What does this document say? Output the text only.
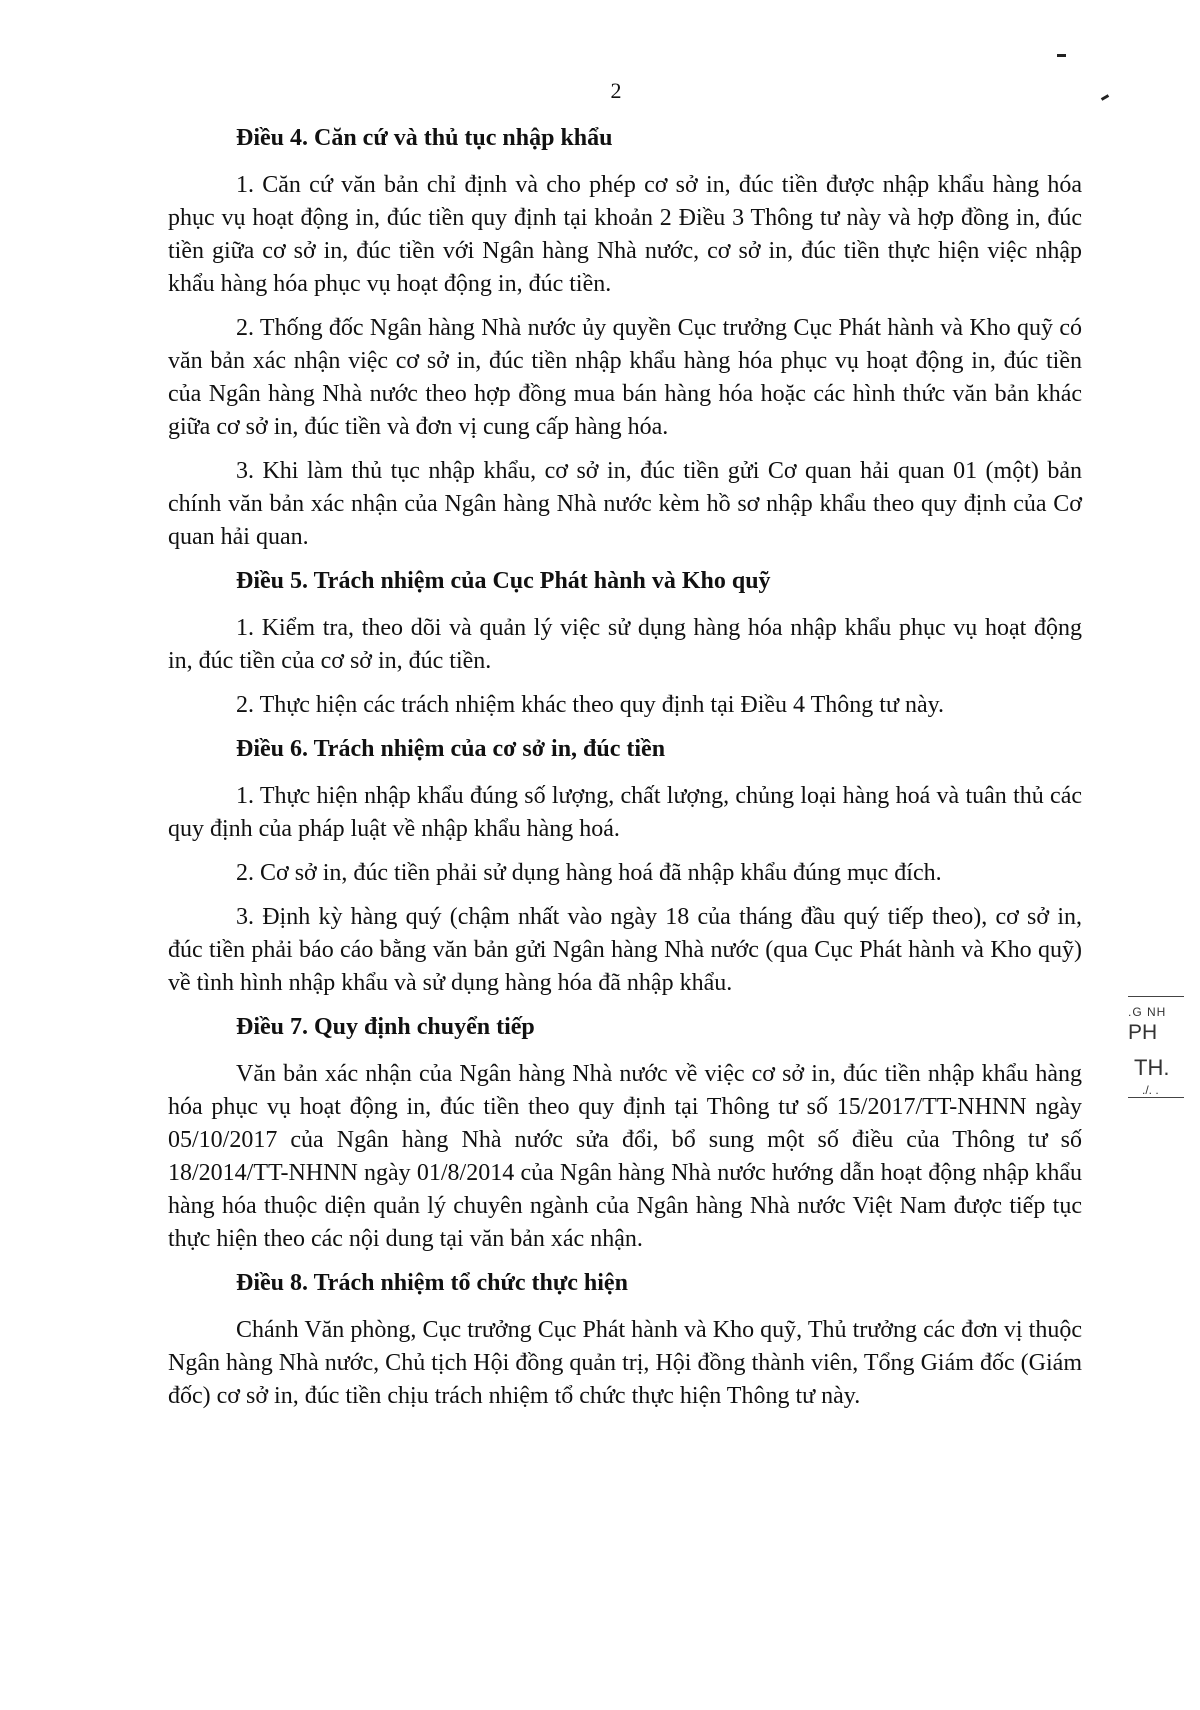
2
Điều 4. Căn cứ và thủ tục nhập khẩu

1. Căn cứ văn bản chỉ định và cho phép cơ sở in, đúc tiền được nhập khẩu hàng hóa phục vụ hoạt động in, đúc tiền quy định tại khoản 2 Điều 3 Thông tư này và hợp đồng in, đúc tiền giữa cơ sở in, đúc tiền với Ngân hàng Nhà nước, cơ sở in, đúc tiền thực hiện việc nhập khẩu hàng hóa phục vụ hoạt động in, đúc tiền.

2. Thống đốc Ngân hàng Nhà nước ủy quyền Cục trưởng Cục Phát hành và Kho quỹ có văn bản xác nhận việc cơ sở in, đúc tiền nhập khẩu hàng hóa phục vụ hoạt động in, đúc tiền của Ngân hàng Nhà nước theo hợp đồng mua bán hàng hóa hoặc các hình thức văn bản khác giữa cơ sở in, đúc tiền và đơn vị cung cấp hàng hóa.

3. Khi làm thủ tục nhập khẩu, cơ sở in, đúc tiền gửi Cơ quan hải quan 01 (một) bản chính văn bản xác nhận của Ngân hàng Nhà nước kèm hồ sơ nhập khẩu theo quy định của Cơ quan hải quan.

Điều 5. Trách nhiệm của Cục Phát hành và Kho quỹ

1. Kiểm tra, theo dõi và quản lý việc sử dụng hàng hóa nhập khẩu phục vụ hoạt động in, đúc tiền của cơ sở in, đúc tiền.

2. Thực hiện các trách nhiệm khác theo quy định tại Điều 4 Thông tư này.

Điều 6. Trách nhiệm của cơ sở in, đúc tiền

1. Thực hiện nhập khẩu đúng số lượng, chất lượng, chủng loại hàng hoá và tuân thủ các quy định của pháp luật về nhập khẩu hàng hoá.

2. Cơ sở in, đúc tiền phải sử dụng hàng hoá đã nhập khẩu đúng mục đích.

3. Định kỳ hàng quý (chậm nhất vào ngày 18 của tháng đầu quý tiếp theo), cơ sở in, đúc tiền phải báo cáo bằng văn bản gửi Ngân hàng Nhà nước (qua Cục Phát hành và Kho quỹ) về tình hình nhập khẩu và sử dụng hàng hóa đã nhập khẩu.

Điều 7. Quy định chuyển tiếp

Văn bản xác nhận của Ngân hàng Nhà nước về việc cơ sở in, đúc tiền nhập khẩu hàng hóa phục vụ hoạt động in, đúc tiền theo quy định tại Thông tư số 15/2017/TT-NHNN ngày 05/10/2017 của Ngân hàng Nhà nước sửa đổi, bổ sung một số điều của Thông tư số 18/2014/TT-NHNN ngày 01/8/2014 của Ngân hàng Nhà nước hướng dẫn hoạt động nhập khẩu hàng hóa thuộc diện quản lý chuyên ngành của Ngân hàng Nhà nước Việt Nam được tiếp tục thực hiện theo các nội dung tại văn bản xác nhận.

Điều 8. Trách nhiệm tổ chức thực hiện

Chánh Văn phòng, Cục trưởng Cục Phát hành và Kho quỹ, Thủ trưởng các đơn vị thuộc Ngân hàng Nhà nước, Chủ tịch Hội đồng quản trị, Hội đồng thành viên, Tổng Giám đốc (Giám đốc) cơ sở in, đúc tiền chịu trách nhiệm tổ chức thực hiện Thông tư này.

.G NH
PH
TH.
./. .
